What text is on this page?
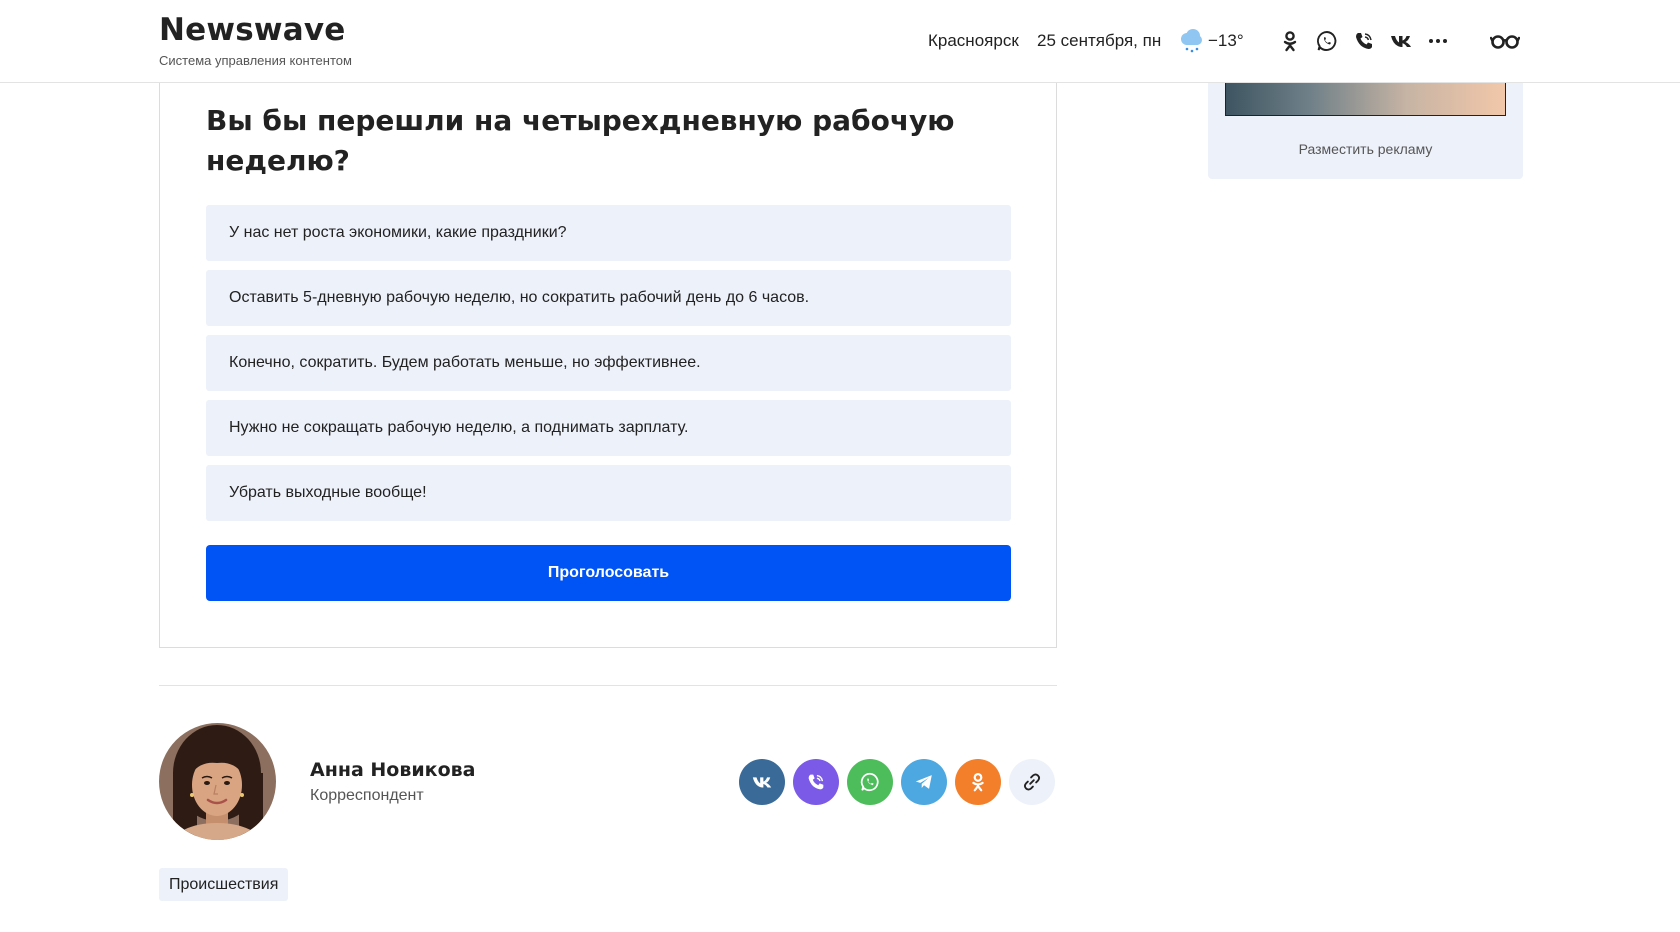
Newswave
Система управления контентом
Красноярск 25 сентября, пн	−13°
Вы бы перешли на четырехдневную рабочую неделю?
У нас нет роста экономики, какие праздники?
Оставить 5-дневную рабочую неделю, но сократить рабочий день до 6 часов.
Конечно, сократить. Будем работать меньше, но эффективнее.
Нужно не сокращать рабочую неделю, а поднимать зарплату.
Убрать выходные вообще!
Проголосовать
Анна Новикова
Корреспондент
Происшествия
Разместить рекламу
